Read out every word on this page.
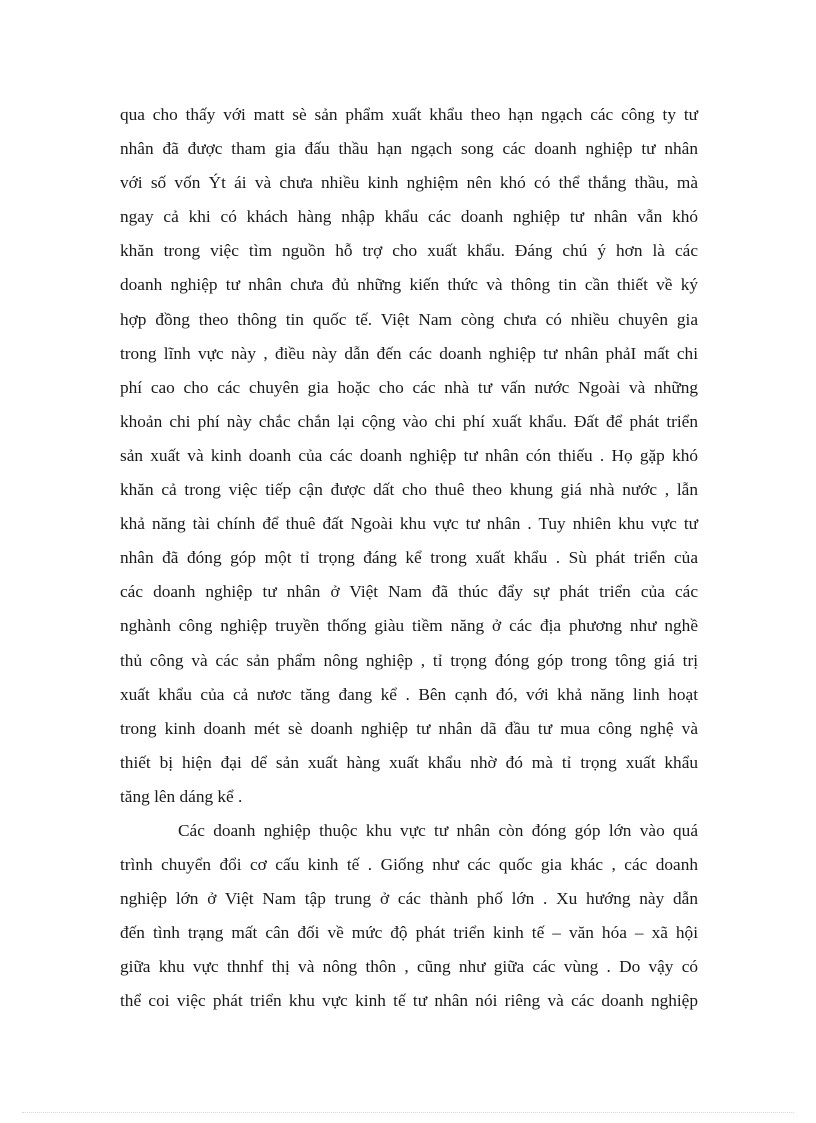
qua cho thấy với matt sè sản phẩm xuất khẩu theo hạn ngạch các công ty tư
nhân đã được tham gia đấu thầu hạn ngạch song các doanh nghiệp tư nhân
với số vốn Ýt ái và chưa nhiều kinh nghiệm nên khó có thể thắng thầu, mà
ngay cả khi có khách hàng nhập khẩu các doanh nghiệp tư nhân vẫn khó
khăn trong việc tìm nguồn hỗ trợ cho xuất khẩu. Đáng chú ý hơn là các
doanh nghiệp tư nhân chưa đủ những kiến thức và thông tin cần thiết về ký
hợp đồng theo thông tin quốc tế. Việt Nam còng chưa có nhiều chuyên gia
trong lĩnh vực này , điều này dẫn đến các doanh nghiệp tư nhân phảI mất chi
phí cao cho các chuyên gia hoặc cho các nhà tư vấn nước Ngoài và những
khoản chi phí này chắc chắn lại cộng vào chi phí xuất khẩu. Đất để phát triển
sản xuất và kinh doanh của các doanh nghiệp tư nhân cón thiếu . Họ gặp khó
khăn cả trong việc tiếp cận được dất cho thuê theo khung giá nhà nước , lẫn
khả năng tài chính để thuê đất Ngoài khu vực tư nhân . Tuy nhiên khu vực tư
nhân đã đóng góp một tỉ trọng đáng kể trong xuất khẩu . Sù phát triển của
các doanh nghiệp tư nhân ở Việt Nam đã thúc đẩy sự phát triển của các
nghành công nghiệp truyền thống giàu tiềm năng ở các địa phương như nghề
thủ công và các sản phẩm nông nghiệp , tỉ trọng đóng góp trong tông giá trị
xuất khẩu của cả nươc tăng đang kể . Bên cạnh đó, với khả năng linh hoạt
trong kinh doanh mét sè doanh nghiệp tư nhân dã đầu tư mua công nghệ và
thiết bị hiện đại dể sản xuất hàng xuất khẩu nhờ đó mà tỉ trọng xuất khẩu
tăng lên dáng kể .
Các doanh nghiệp thuộc khu vực tư nhân còn đóng góp lớn vào quá
trình chuyển đổi cơ cấu kinh tế . Giống như các quốc gia khác , các doanh
nghiệp lớn ở Việt Nam tập trung ở các thành phố lớn . Xu hướng này dẫn
đến tình trạng mất cân đối về mức độ phát triển kinh tế – văn hóa – xã hội
giữa khu vực thnhf thị và nông thôn , cũng như giữa các vùng . Do vậy có
thể coi việc phát triển khu vực kinh tế tư nhân nói riêng và các doanh nghiệp
